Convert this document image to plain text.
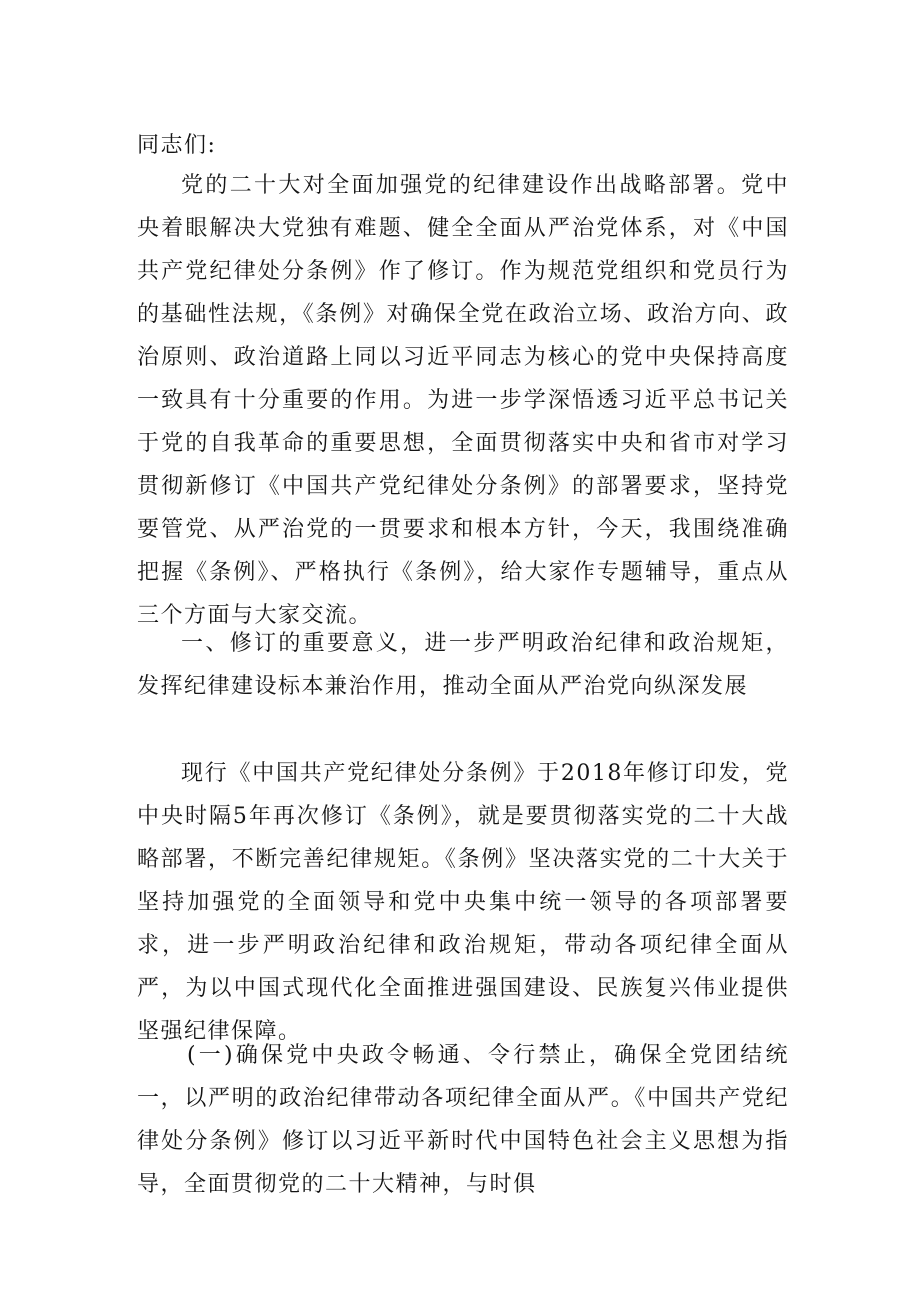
同志们:

党的二十大对全面加强党的纪律建设作出战略部署。党中央着眼解决大党独有难题、健全全面从严治党体系，对《中国共产党纪律处分条例》作了修订。作为规范党组织和党员行为的基础性法规，《条例》对确保全党在政治立场、政治方向、政治原则、政治道路上同以习近平同志为核心的党中央保持高度一致具有十分重要的作用。为进一步学深悟透习近平总书记关于党的自我革命的重要思想，全面贯彻落实中央和省市对学习贯彻新修订《中国共产党纪律处分条例》的部署要求，坚持党要管党、从严治党的一贯要求和根本方针，今天，我围绕准确把握《条例》、严格执行《条例》，给大家作专题辅导，重点从三个方面与大家交流。

一、修订的重要意义，进一步严明政治纪律和政治规矩，发挥纪律建设标本兼治作用，推动全面从严治党向纵深发展

现行《中国共产党纪律处分条例》于2018年修订印发，党中央时隔5年再次修订《条例》，就是要贯彻落实党的二十大战略部署，不断完善纪律规矩。《条例》坚决落实党的二十大关于坚持加强党的全面领导和党中央集中统一领导的各项部署要求，进一步严明政治纪律和政治规矩，带动各项纪律全面从严，为以中国式现代化全面推进强国建设、民族复兴伟业提供坚强纪律保障。

(一)确保党中央政令畅通、令行禁止，确保全党团结统一，以严明的政治纪律带动各项纪律全面从严。《中国共产党纪律处分条例》修订以习近平新时代中国特色社会主义思想为指导，全面贯彻党的二十大精神，与时俱
